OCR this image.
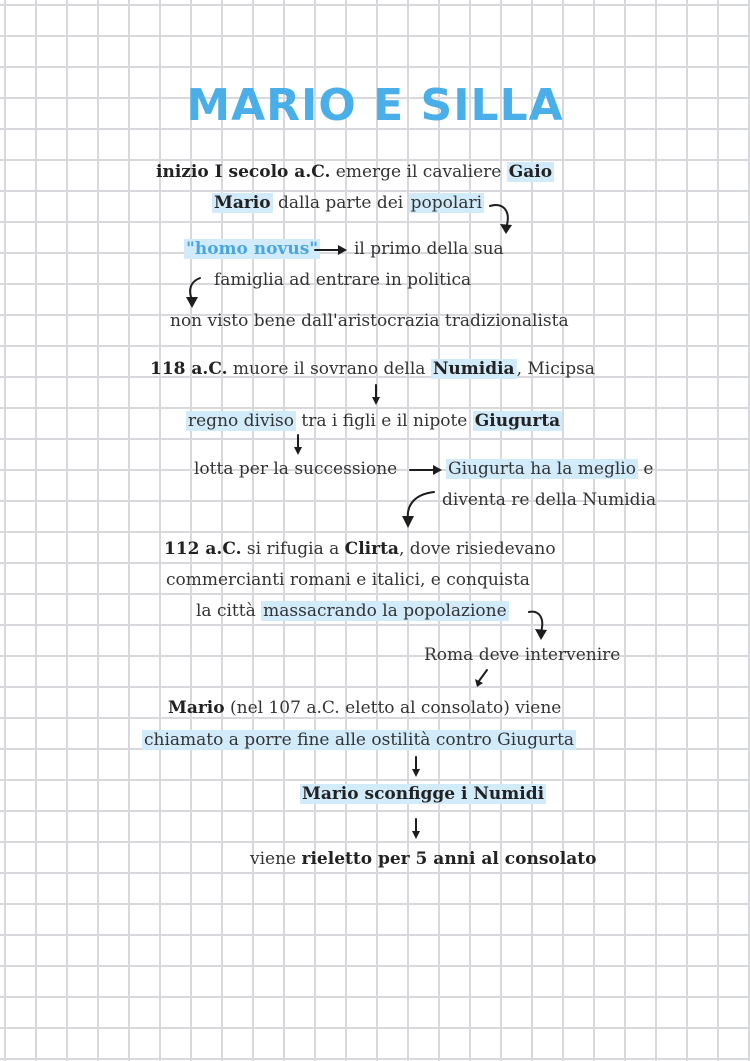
MARIO E SILLA
inizio I secolo a.C. emerge il cavaliere Gaio
Mario dalla parte dei popolari
"homo novus" il primo della sua
famiglia ad entrare in politica
non visto bene dall'aristocrazia tradizionalista
118 a.C. muore il sovrano della Numidia , Micipsa
regno diviso tra i figli e il nipote Giugurta
lotta per la successione	Giugurta ha la meglio e
diventa re della Numidia
112 a.C. si rifugia a Clirta, dove risiedevano
commercianti romani e italici, e conquista
la città massacrando la popolazione
Roma deve intervenire
Mario (nel 107 a.C. eletto al consolato) viene
chiamato a porre fine alle ostilità contro Giugurta
Mario sconfigge i Numidi
viene rieletto per 5 anni al consolato
